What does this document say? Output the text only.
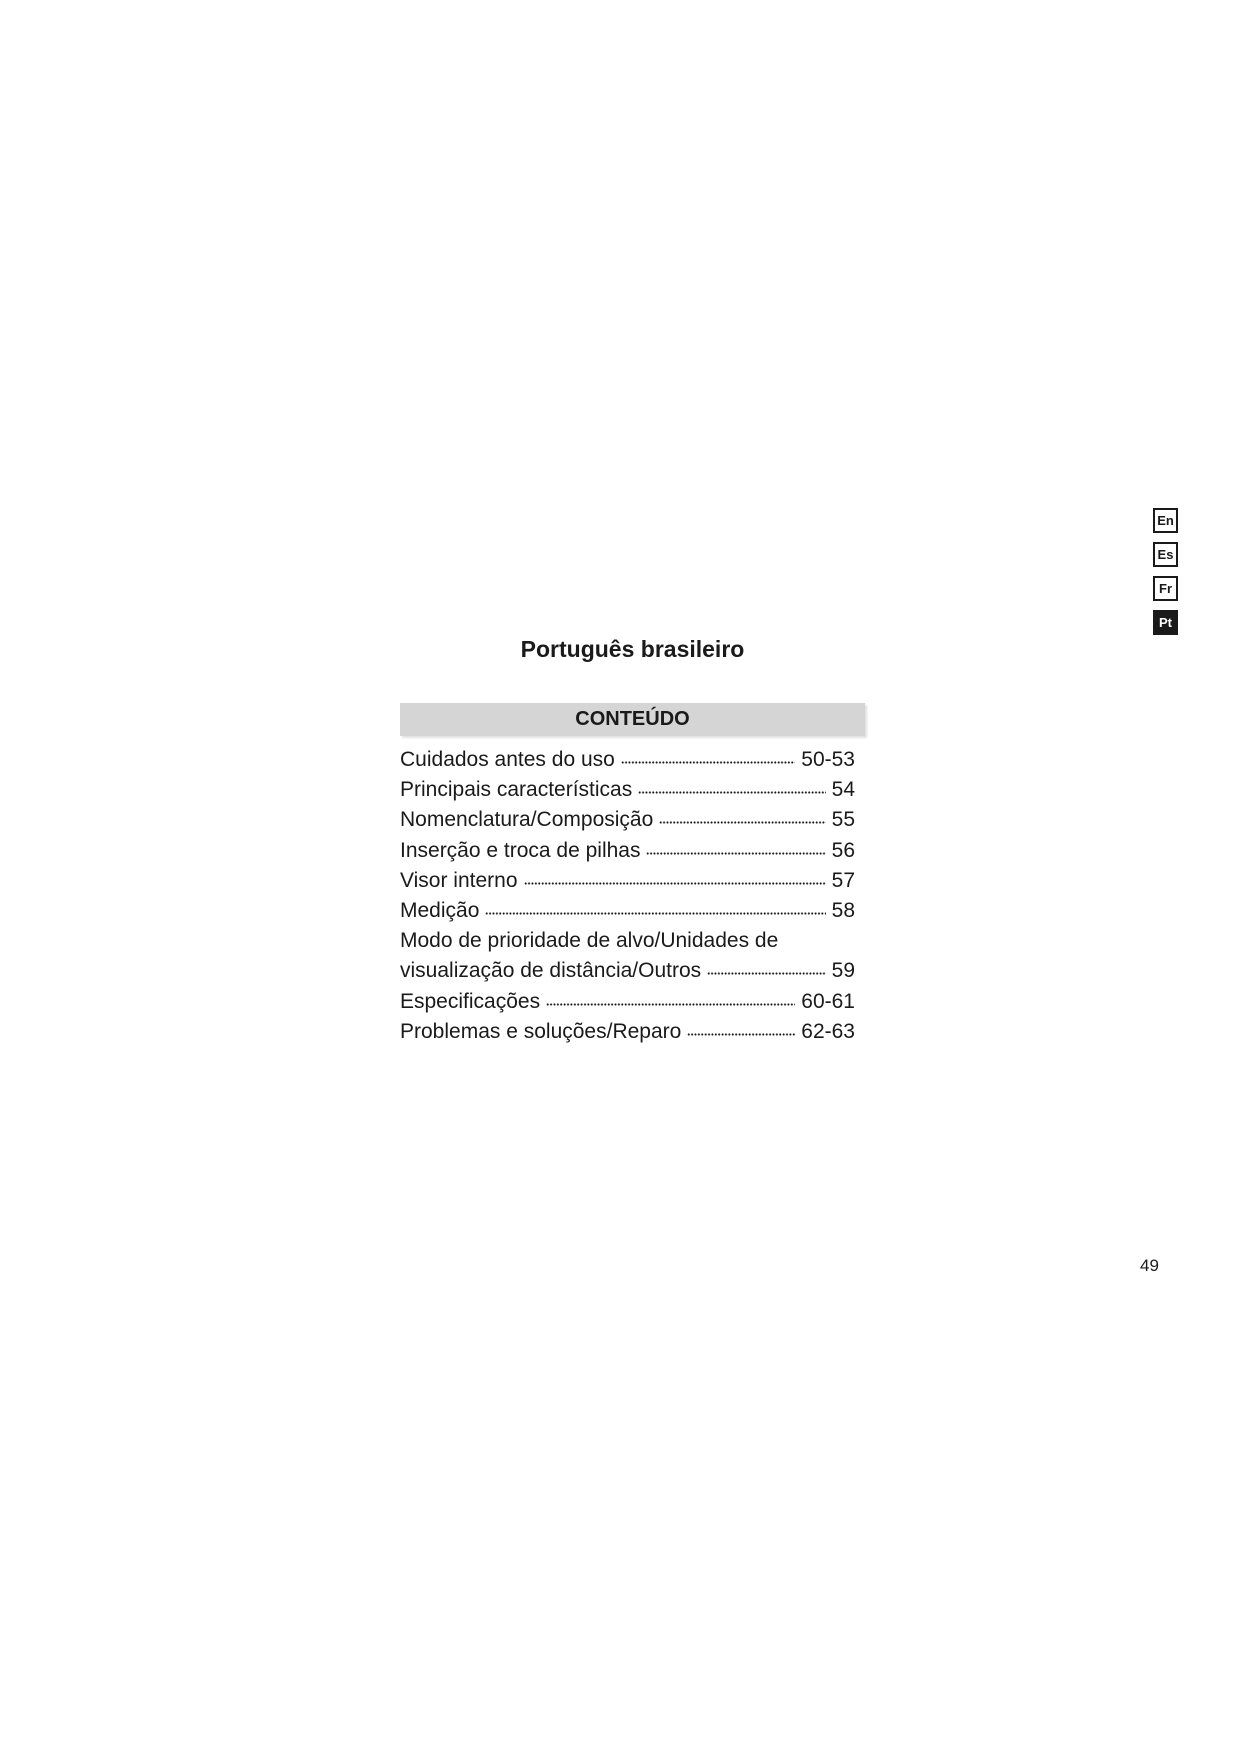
Português brasileiro
CONTEÚDO
Cuidados antes do uso	50-53
Principais características	54
Nomenclatura/Composição	55
Inserção e troca de pilhas	56
Visor interno	57
Medição	58
Modo de prioridade de alvo/Unidades de
visualização de distância/Outros	59
Especificações	60-61
Problemas e soluções/Reparo	62-63
En
Es
Fr
Pt
49
